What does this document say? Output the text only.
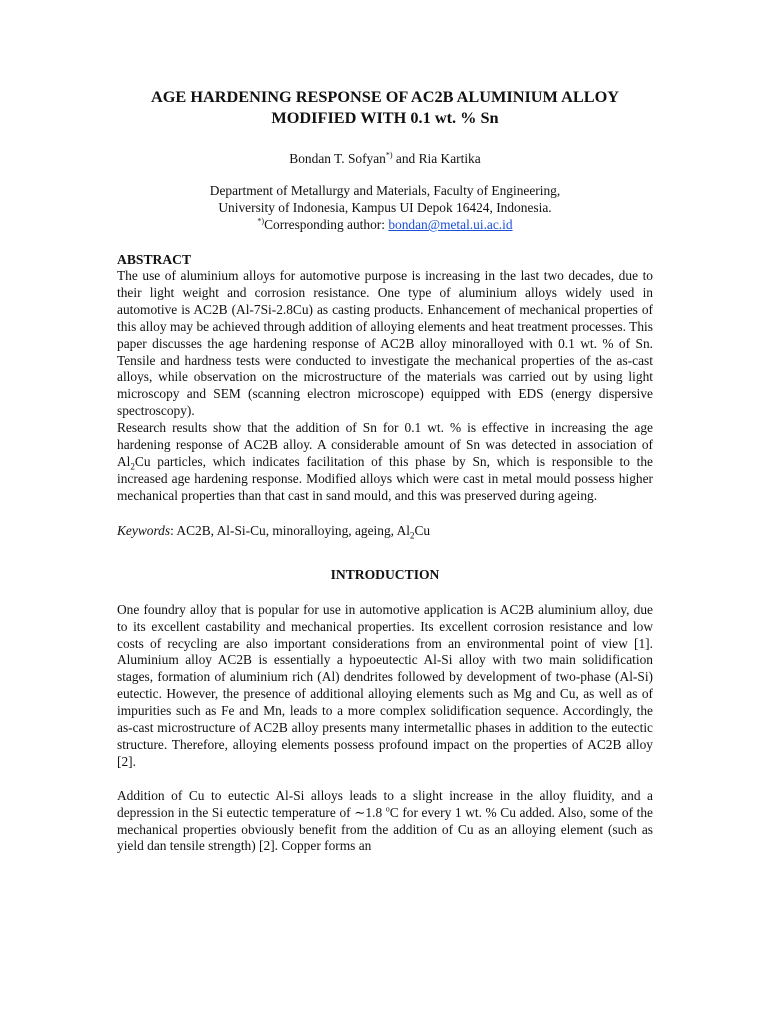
AGE HARDENING RESPONSE OF AC2B ALUMINIUM ALLOY MODIFIED WITH 0.1 wt. % Sn
Bondan T. Sofyan*) and Ria Kartika
Department of Metallurgy and Materials, Faculty of Engineering,
University of Indonesia, Kampus UI Depok 16424, Indonesia.
*)Corresponding author: bondan@metal.ui.ac.id
ABSTRACT

The use of aluminium alloys for automotive purpose is increasing in the last two decades, due to their light weight and corrosion resistance. One type of aluminium alloys widely used in automotive is AC2B (Al-7Si-2.8Cu) as casting products. Enhancement of mechanical properties of this alloy may be achieved through addition of alloying elements and heat treatment processes. This paper discusses the age hardening response of AC2B alloy minoralloyed with 0.1 wt. % of Sn. Tensile and hardness tests were conducted to investigate the mechanical properties of the as-cast alloys, while observation on the microstructure of the materials was carried out by using light microscopy and SEM (scanning electron microscope) equipped with EDS (energy dispersive spectroscopy).

Research results show that the addition of Sn for 0.1 wt. % is effective in increasing the age hardening response of AC2B alloy. A considerable amount of Sn was detected in association of $Al_2Cu$ particles, which indicates facilitation of this phase by Sn, which is responsible to the increased age hardening response. Modified alloys which were cast in metal mould possess higher mechanical properties than that cast in sand mould, and this was preserved during ageing.

Keywords: AC2B, Al-Si-Cu, minoralloying, ageing, $Al_2Cu$
INTRODUCTION

One foundry alloy that is popular for use in automotive application is AC2B aluminium alloy, due to its excellent castability and mechanical properties. Its excellent corrosion resistance and low costs of recycling are also important considerations from an environmental point of view [1]. Aluminium alloy AC2B is essentially a hypoeutectic Al-Si alloy with two main solidification stages, formation of aluminium rich (Al) dendrites followed by development of two-phase (Al-Si) eutectic. However, the presence of additional alloying elements such as Mg and Cu, as well as of impurities such as Fe and Mn, leads to a more complex solidification sequence. Accordingly, the as-cast microstructure of AC2B alloy presents many intermetallic phases in addition to the eutectic structure. Therefore, alloying elements possess profound impact on the properties of AC2B alloy [2].

Addition of Cu to eutectic Al-Si alloys leads to a slight increase in the alloy fluidity, and a depression in the Si eutectic temperature of ∼1.8 $^o$C for every 1 wt. % Cu added. Also, some of the mechanical properties obviously benefit from the addition of Cu as an alloying element (such as yield dan tensile strength) [2]. Copper forms an
